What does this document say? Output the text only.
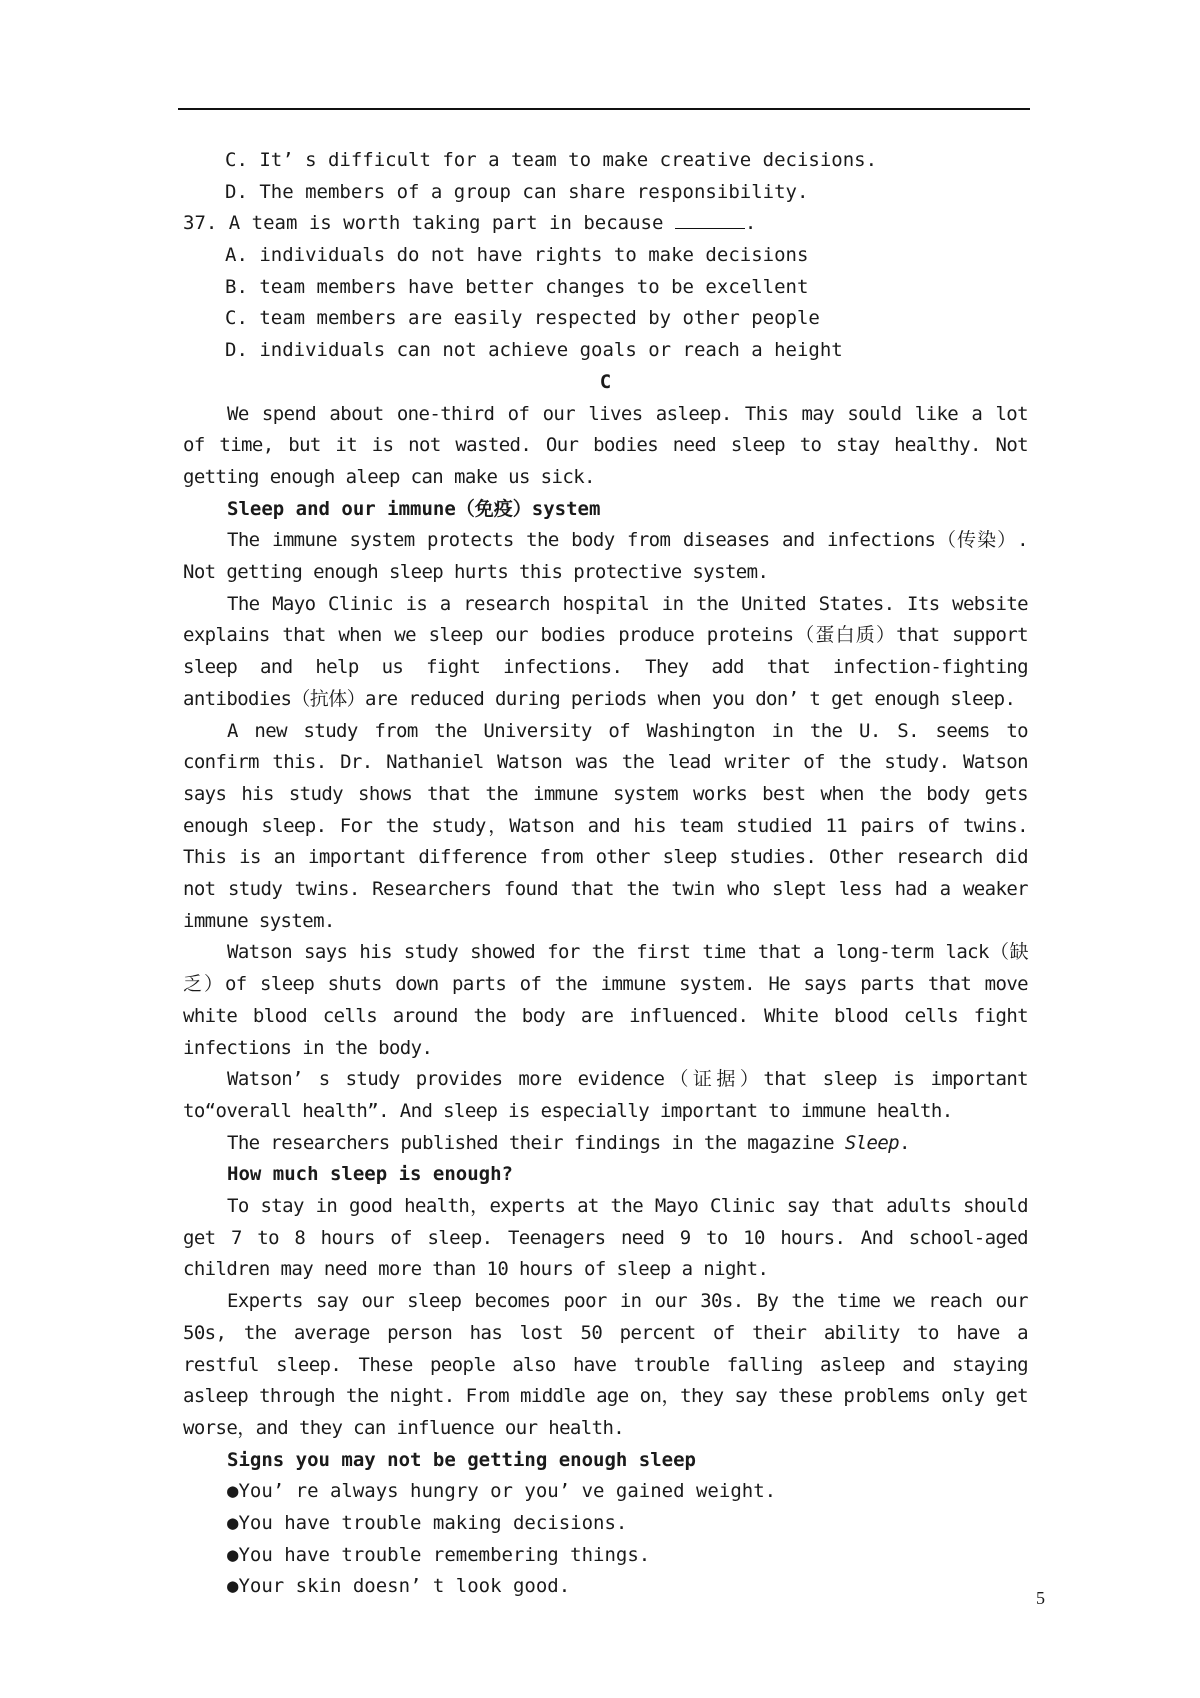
C. It’ s difficult for a team to make creative decisions.
D. The members of a group can share responsibility.
37. A team is worth taking part in because	.
A. individuals do not have rights to make decisions
B. team members have better changes to be excellent
C. team members are easily respected by other people
D. individuals can not achieve goals or reach a height
C

We spend about one-third of our lives asleep. This may sould like a lot of time, but it is not wasted. Our bodies need sleep to stay healthy. Not getting enough aleep can make us sick.

Sleep and our immune（免疫）system

The immune system protects the body from diseases and infections（传染）. Not getting enough sleep hurts this protective system.

The Mayo Clinic is a research hospital in the United States. Its website explains that when we sleep our bodies produce proteins（蛋白质）that support sleep and help us fight infections. They add that infection-fighting antibodies（抗体）are reduced during periods when you don’ t get enough sleep.

A new study from the University of Washington in the U. S. seems to confirm this. Dr. Nathaniel Watson was the lead writer of the study. Watson says his study shows that the immune system works best when the body gets enough sleep. For the study，Watson and his team studied 11 pairs of twins. This is an important difference from other sleep studies. Other research did not study twins. Researchers found that the twin who slept less had a weaker immune system.

Watson says his study showed for the first time that a long-term lack（缺乏）of sleep shuts down parts of the immune system. He says parts that move white blood cells around the body are influenced. White blood cells fight infections in the body.

Watson’ s study provides more evidence（证据）that sleep is important to“overall health”. And sleep is especially important to immune health.

The researchers published their findings in the magazine Sleep.

How much sleep is enough?

To stay in good health，experts at the Mayo Clinic say that adults should get 7 to 8 hours of sleep. Teenagers need 9 to 10 hours. And school-aged children may need more than 10 hours of sleep a night.

Experts say our sleep becomes poor in our 30s. By the time we reach our 50s, the average person has lost 50 percent of their ability to have a restful sleep. These people also have trouble falling asleep and staying asleep through the night. From middle age on，they say these problems only get worse，and they can influence our health.

Signs you may not be getting enough sleep
●You’ re always hungry or you’ ve gained weight.
●You have trouble making decisions.
●You have trouble remembering things.
●Your skin doesn’ t look good.
5
